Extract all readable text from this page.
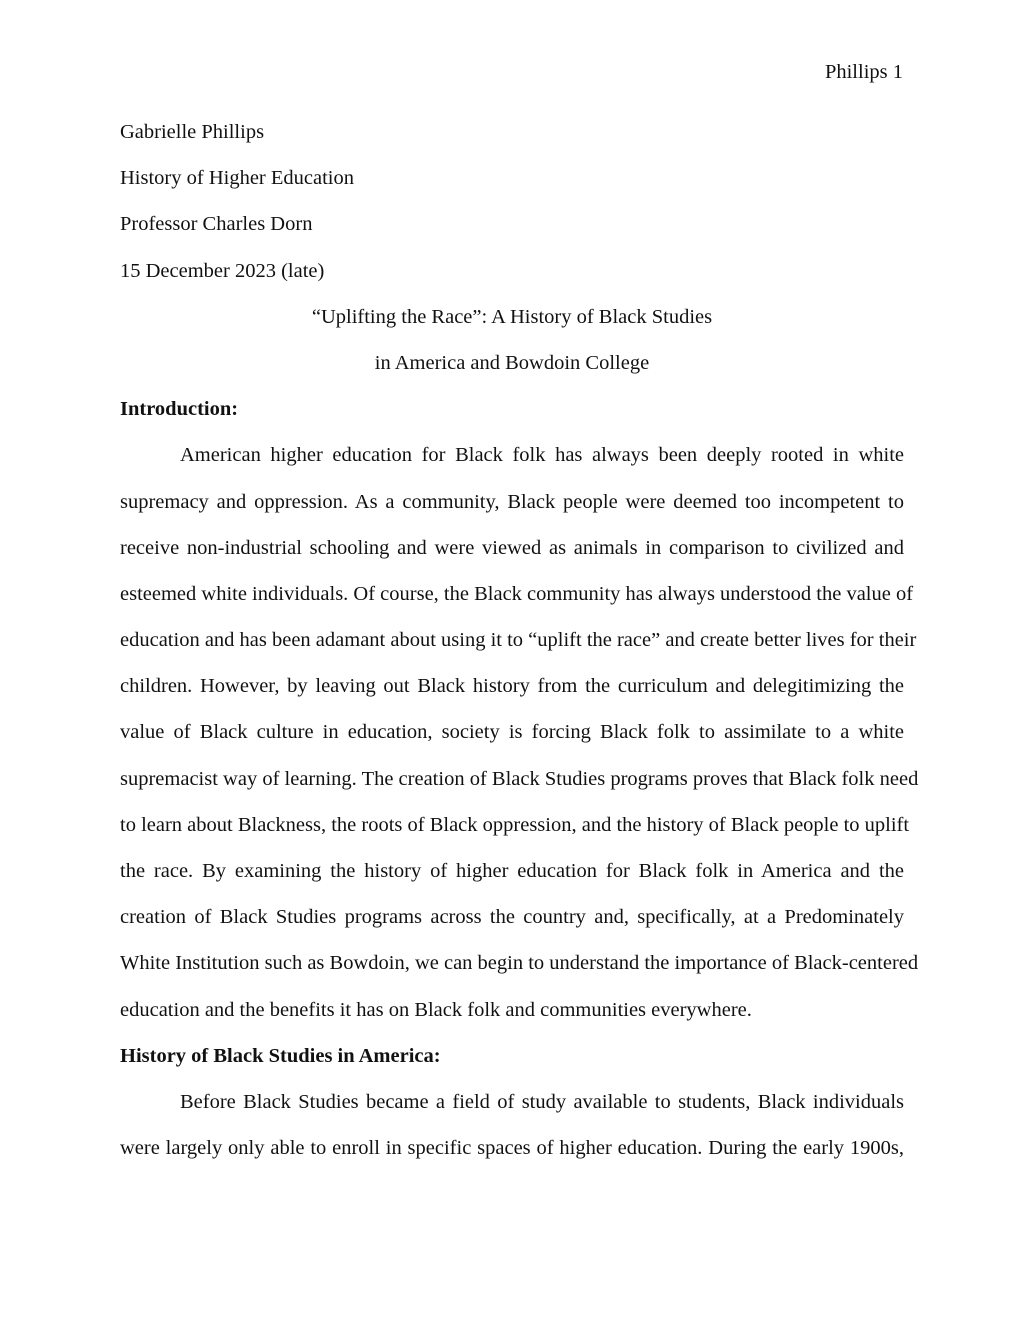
Phillips 1
Gabrielle Phillips
History of Higher Education
Professor Charles Dorn
15 December 2023 (late)
“Uplifting the Race”: A History of Black Studies
in America and Bowdoin College
Introduction:
American higher education for Black folk has always been deeply rooted in white
supremacy and oppression. As a community, Black people were deemed too incompetent to
receive non-industrial schooling and were viewed as animals in comparison to civilized and
esteemed white individuals. Of course, the Black community has always understood the value of
education and has been adamant about using it to “uplift the race” and create better lives for their
children. However, by leaving out Black history from the curriculum and delegitimizing the
value of Black culture in education, society is forcing Black folk to assimilate to a white
supremacist way of learning. The creation of Black Studies programs proves that Black folk need
to learn about Blackness, the roots of Black oppression, and the history of Black people to uplift
the race. By examining the history of higher education for Black folk in America and the
creation of Black Studies programs across the country and, specifically, at a Predominately
White Institution such as Bowdoin, we can begin to understand the importance of Black-centered
education and the benefits it has on Black folk and communities everywhere.
History of Black Studies in America:
Before Black Studies became a field of study available to students, Black individuals
were largely only able to enroll in specific spaces of higher education. During the early 1900s,
